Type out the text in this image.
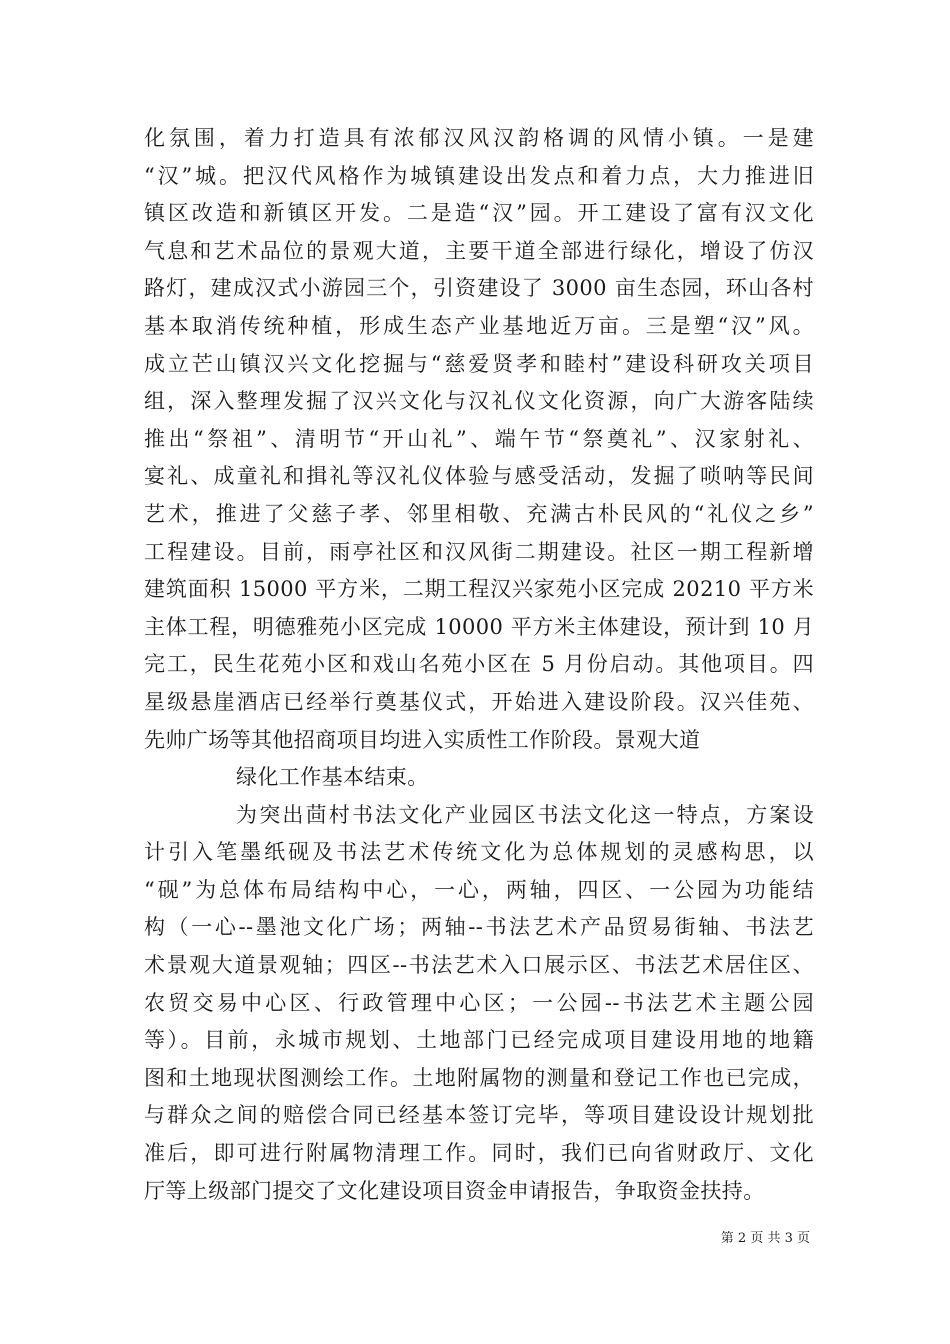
化氛围，着力打造具有浓郁汉风汉韵格调的风情小镇。一是建
“汉”城。把汉代风格作为城镇建设出发点和着力点，大力推进旧
镇区改造和新镇区开发。二是造“汉”园。开工建设了富有汉文化
气息和艺术品位的景观大道，主要干道全部进行绿化，增设了仿汉
路灯，建成汉式小游园三个，引资建设了 3000 亩生态园，环山各村
基本取消传统种植，形成生态产业基地近万亩。三是塑“汉”风。
成立芒山镇汉兴文化挖掘与“慈爱贤孝和睦村”建设科研攻关项目
组，深入整理发掘了汉兴文化与汉礼仪文化资源，向广大游客陆续
推出“祭祖”、清明节“开山礼”、端午节“祭奠礼”、汉家射礼、
宴礼、成童礼和揖礼等汉礼仪体验与感受活动，发掘了唢呐等民间
艺术，推进了父慈子孝、邻里相敬、充满古朴民风的“礼仪之乡”
工程建设。目前，雨亭社区和汉风街二期建设。社区一期工程新增
建筑面积 15000 平方米，二期工程汉兴家苑小区完成 20210 平方米
主体工程，明德雅苑小区完成 10000 平方米主体建设，预计到 10 月
完工，民生花苑小区和戏山名苑小区在 5 月份启动。其他项目。四
星级悬崖酒店已经举行奠基仪式，开始进入建设阶段。汉兴佳苑、
先帅广场等其他招商项目均进入实质性工作阶段。景观大道
绿化工作基本结束。
为突出茴村书法文化产业园区书法文化这一特点，方案设
计引入笔墨纸砚及书法艺术传统文化为总体规划的灵感构思，以
“砚”为总体布局结构中心，一心，两轴，四区、一公园为功能结
构（一心--墨池文化广场；两轴--书法艺术产品贸易街轴、书法艺
术景观大道景观轴；四区--书法艺术入口展示区、书法艺术居住区、
农贸交易中心区、行政管理中心区；一公园--书法艺术主题公园
等）。目前，永城市规划、土地部门已经完成项目建设用地的地籍
图和土地现状图测绘工作。土地附属物的测量和登记工作也已完成，
与群众之间的赔偿合同已经基本签订完毕，等项目建设设计规划批
准后，即可进行附属物清理工作。同时，我们已向省财政厅、文化
厅等上级部门提交了文化建设项目资金申请报告，争取资金扶持。
第 2 页 共 3 页
